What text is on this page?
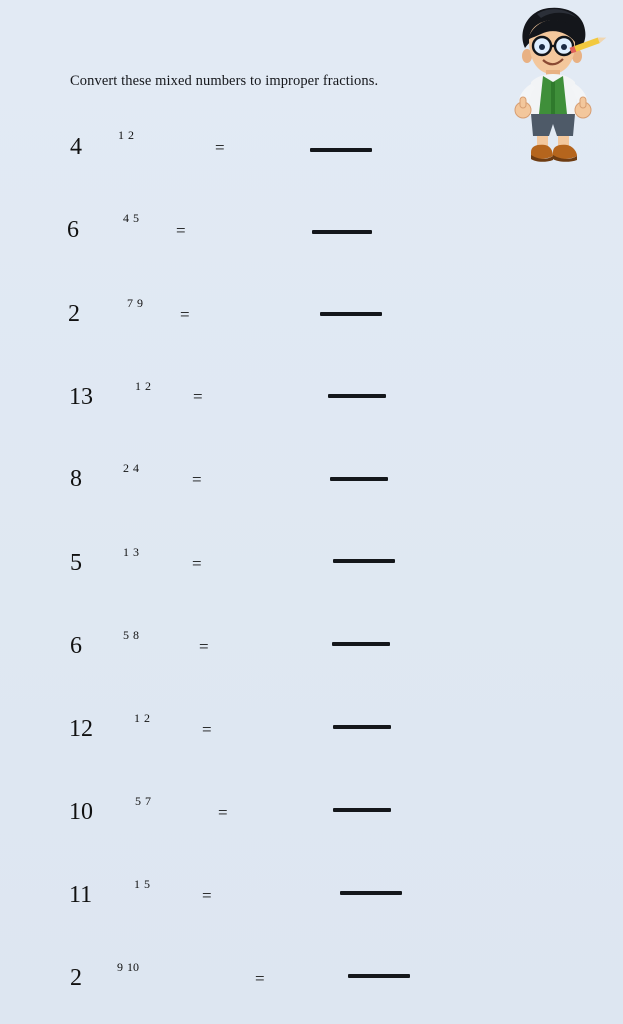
Convert these mixed numbers to improper fractions.
4	1 2
=
6	4 5
=
2	7 9
=
13	1 2
=
8	2 4
=
5	1 3
=
6	5 8
=
12	1 2
=
10	5 7
=
11	1 5
=
2	9 10
=
